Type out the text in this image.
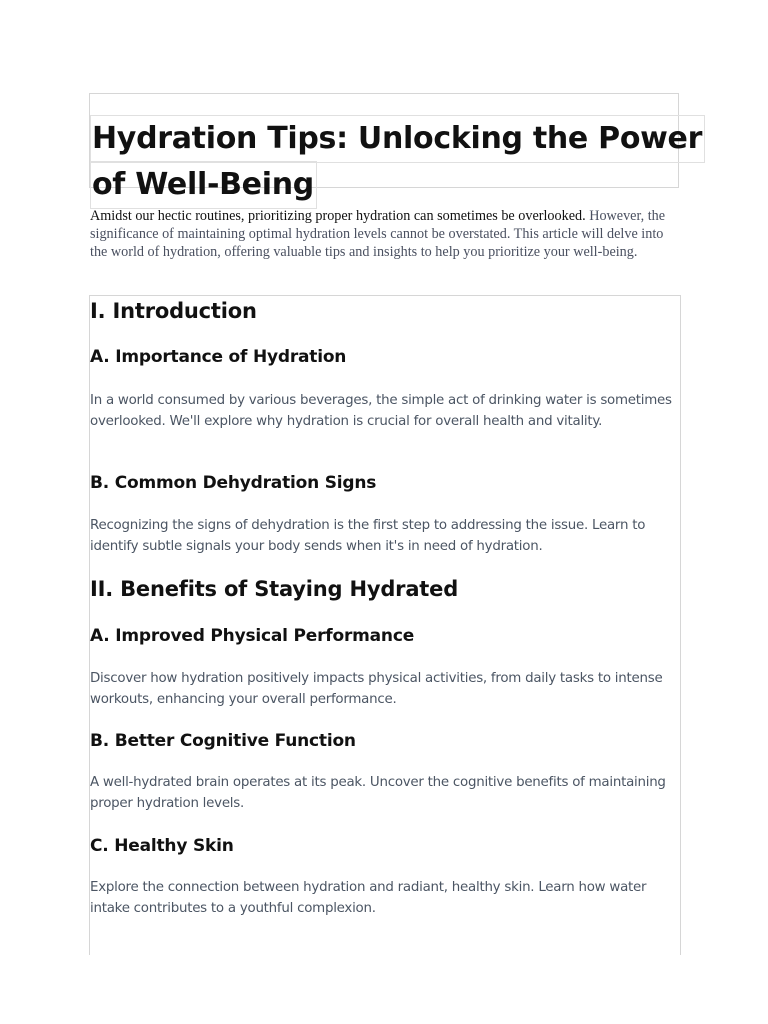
Hydration Tips: Unlocking the Power
of Well-Being

Amidst our hectic routines, prioritizing proper hydration can sometimes be overlooked. However, the significance of maintaining optimal hydration levels cannot be overstated. This article will delve into the world of hydration, offering valuable tips and insights to help you prioritize your well-being.

I. Introduction
A. Importance of Hydration

In a world consumed by various beverages, the simple act of drinking water is sometimes overlooked. We'll explore why hydration is crucial for overall health and vitality.

B. Common Dehydration Signs

Recognizing the signs of dehydration is the first step to addressing the issue. Learn to identify subtle signals your body sends when it's in need of hydration.

II. Benefits of Staying Hydrated
A. Improved Physical Performance

Discover how hydration positively impacts physical activities, from daily tasks to intense workouts, enhancing your overall performance.

B. Better Cognitive Function

A well-hydrated brain operates at its peak. Uncover the cognitive benefits of maintaining proper hydration levels.

C. Healthy Skin

Explore the connection between hydration and radiant, healthy skin. Learn how water intake contributes to a youthful complexion.
